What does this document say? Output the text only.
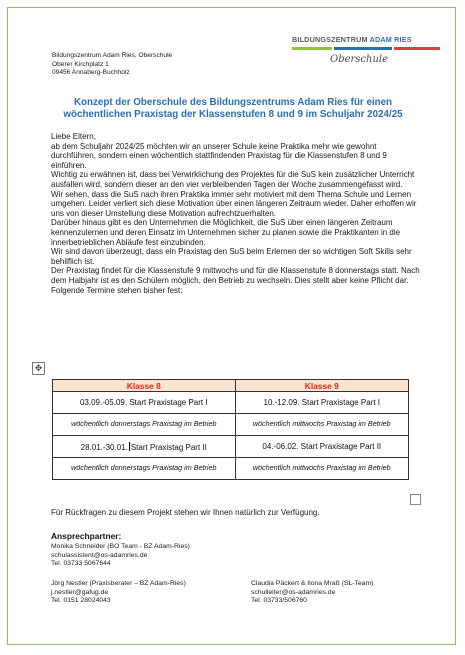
Bildungszentrum Adam Ries, Oberschule
Oberer Kirchplatz 1
09456 Annaberg-Buchholz
BILDUNGSZENTRUM ADAM RIES
Oberschule
Konzept der Oberschule des Bildungszentrums Adam Ries für einen wöchentlichen Praxistag der Klassenstufen 8 und 9 im Schuljahr 2024/25

Liebe Eltern,

ab dem Schuljahr 2024/25 möchten wir an unserer Schule keine Praktika mehr wie gewohnt durchführen, sondern einen wöchentlich stattfindenden Praxistag für die Klassenstufen 8 und 9 einführen.

Wichtig zu erwähnen ist, dass bei Verwirklichung des Projektes für die SuS kein zusätzlicher Unterricht ausfallen wird, sondern dieser an den vier verbleibenden Tagen der Woche zusammengefasst wird.

Wir sehen, dass die SuS nach ihren Praktika immer sehr motiviert mit dem Thema Schule und Lernen umgehen. Leider verliert sich diese Motivation über einen längeren Zeitraum wieder. Daher erhoffen wir uns von dieser Umstellung diese Motivation aufrechtzuerhalten.

Darüber hinaus gibt es den Unternehmen die Möglichkeit, die SuS über einen längeren Zeitraum kennenzulernen und deren Einsatz im Unternehmen sicher zu planen sowie die Praktikanten in die innerbetrieblichen Abläufe fest einzubinden.

Wir sind davon überzeugt, dass ein Praxistag den SuS beim Erlernen der so wichtigen Soft Skills sehr behilflich ist.

Der Praxistag findet für die Klassenstufe 9 mittwochs und für die Klassenstufe 8 donnerstags statt. Nach dem Halbjahr ist es den Schülern möglich, den Betrieb zu wechseln. Dies stellt aber keine Pflicht dar.

Folgende Termine stehen bisher fest:

✥
Klasse 8	Klasse 9
03.09.-05.09. Start Praxistage Part I	10.-12.09. Start Praxistage Part I
wöchentlich donnerstags Praxistag im Betrieb	wöchentlich mittwochs Praxistag im Betrieb
28.01.-30.01. Start Praxistag Part II	04.-06.02. Start Praxistage Part II
wöchentlich donnerstags Praxistag im Betrieb	wöchentlich mittwochs Praxistag im Betrieb
Für Rückfragen zu diesem Projekt stehen wir Ihnen natürlich zur Verfügung.
Ansprechpartner:
Monika Schneider (BO Team - BZ Adam-Ries)
schulassistent@os-adamries.de
Tel. 03733 5067644
Jörg Nestler (Praxisberater – BZ Adam-Ries)
j.nestler@gafug.de
Tel. 0151 28024043
Claudia Päckert & Ilona Mraß (SL-Team)
schulleiter@os-adamries.de
Tel. 03733/506760
